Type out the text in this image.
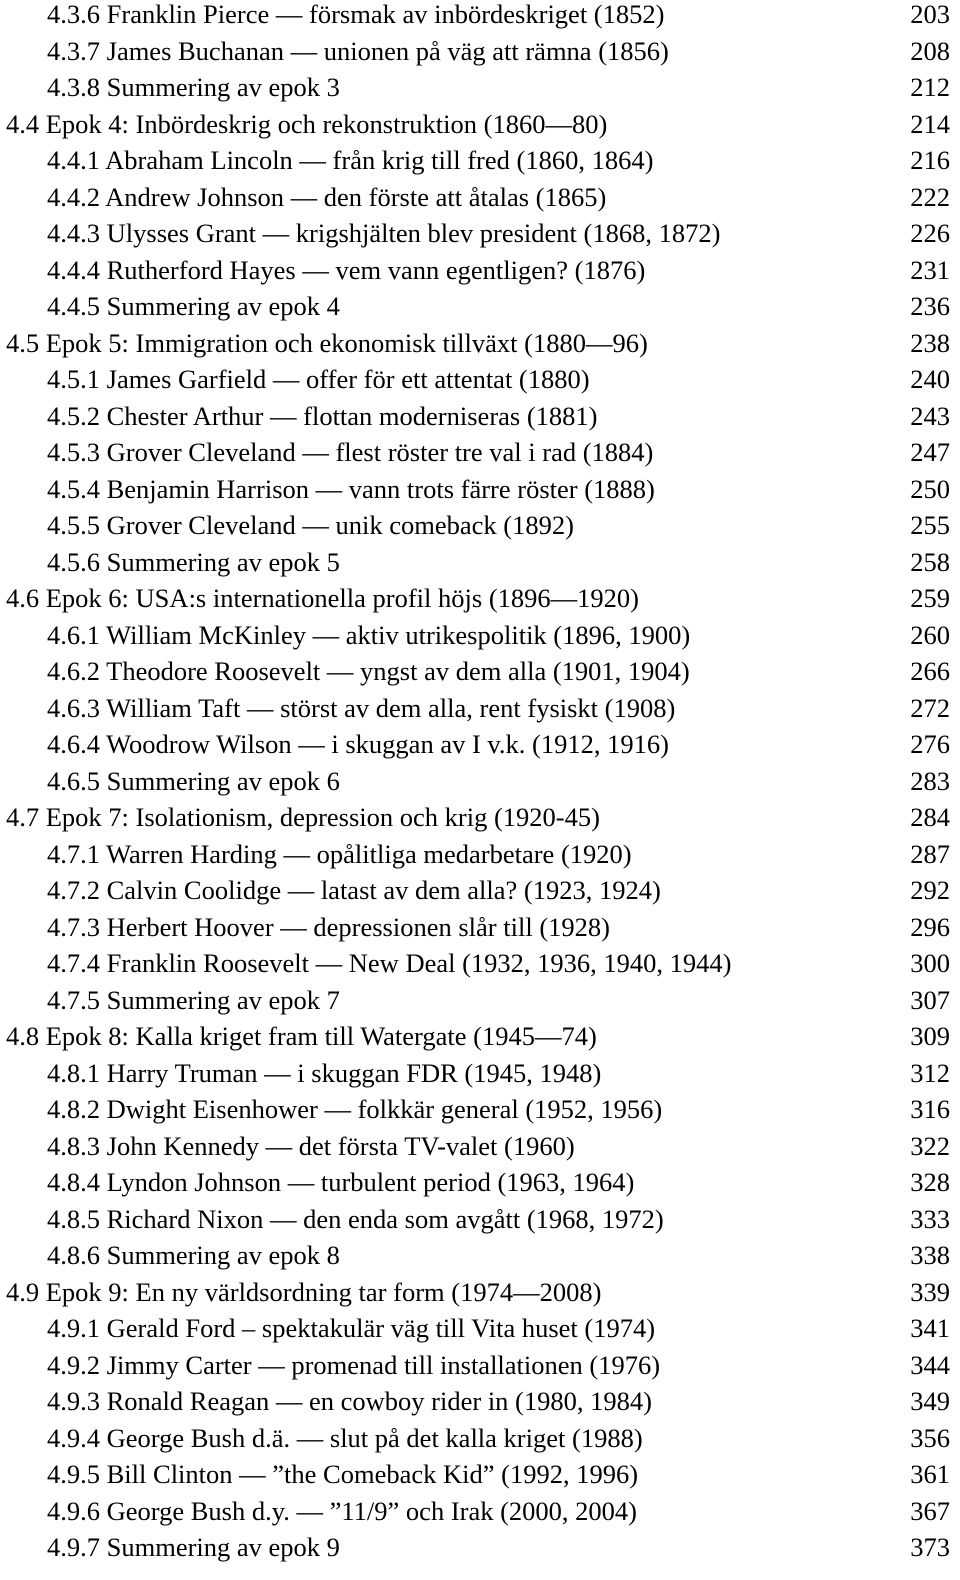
4.3.6 Franklin Pierce — försmak av inbördeskriget (1852)	203
4.3.7 James Buchanan — unionen på väg att rämna (1856)	208
4.3.8 Summering av epok 3	212
4.4 Epok 4: Inbördeskrig och rekonstruktion (1860—80)	214
4.4.1 Abraham Lincoln — från krig till fred (1860, 1864)	216
4.4.2 Andrew Johnson — den förste att åtalas (1865)	222
4.4.3 Ulysses Grant — krigshjälten blev president (1868, 1872)	226
4.4.4 Rutherford Hayes — vem vann egentligen? (1876)	231
4.4.5 Summering av epok 4	236
4.5 Epok 5: Immigration och ekonomisk tillväxt (1880—96)	238
4.5.1 James Garfield — offer för ett attentat (1880)	240
4.5.2 Chester Arthur — flottan moderniseras (1881)	243
4.5.3 Grover Cleveland — flest röster tre val i rad (1884)	247
4.5.4 Benjamin Harrison — vann trots färre röster (1888)	250
4.5.5 Grover Cleveland — unik comeback (1892)	255
4.5.6 Summering av epok 5	258
4.6 Epok 6: USA:s internationella profil höjs (1896—1920)	259
4.6.1 William McKinley — aktiv utrikespolitik (1896, 1900)	260
4.6.2 Theodore Roosevelt — yngst av dem alla (1901, 1904)	266
4.6.3 William Taft — störst av dem alla, rent fysiskt (1908)	272
4.6.4 Woodrow Wilson — i skuggan av I v.k. (1912, 1916)	276
4.6.5 Summering av epok 6	283
4.7 Epok 7: Isolationism, depression och krig (1920-45)	284
4.7.1 Warren Harding — opålitliga medarbetare (1920)	287
4.7.2 Calvin Coolidge — latast av dem alla? (1923, 1924)	292
4.7.3 Herbert Hoover — depressionen slår till (1928)	296
4.7.4 Franklin Roosevelt — New Deal (1932, 1936, 1940, 1944)	300
4.7.5 Summering av epok 7	307
4.8 Epok 8: Kalla kriget fram till Watergate (1945—74)	309
4.8.1 Harry Truman — i skuggan FDR (1945, 1948)	312
4.8.2 Dwight Eisenhower — folkkär general (1952, 1956)	316
4.8.3 John Kennedy — det första TV-valet (1960)	322
4.8.4 Lyndon Johnson — turbulent period (1963, 1964)	328
4.8.5 Richard Nixon — den enda som avgått (1968, 1972)	333
4.8.6 Summering av epok 8	338
4.9 Epok 9: En ny världsordning tar form (1974—2008)	339
4.9.1 Gerald Ford – spektakulär väg till Vita huset (1974)	341
4.9.2 Jimmy Carter — promenad till installationen (1976)	344
4.9.3 Ronald Reagan — en cowboy rider in (1980, 1984)	349
4.9.4 George Bush d.ä. — slut på det kalla kriget (1988)	356
4.9.5 Bill Clinton — ”the Comeback Kid” (1992, 1996)	361
4.9.6 George Bush d.y. — ”11/9” och Irak (2000, 2004)	367
4.9.7 Summering av epok 9	373
